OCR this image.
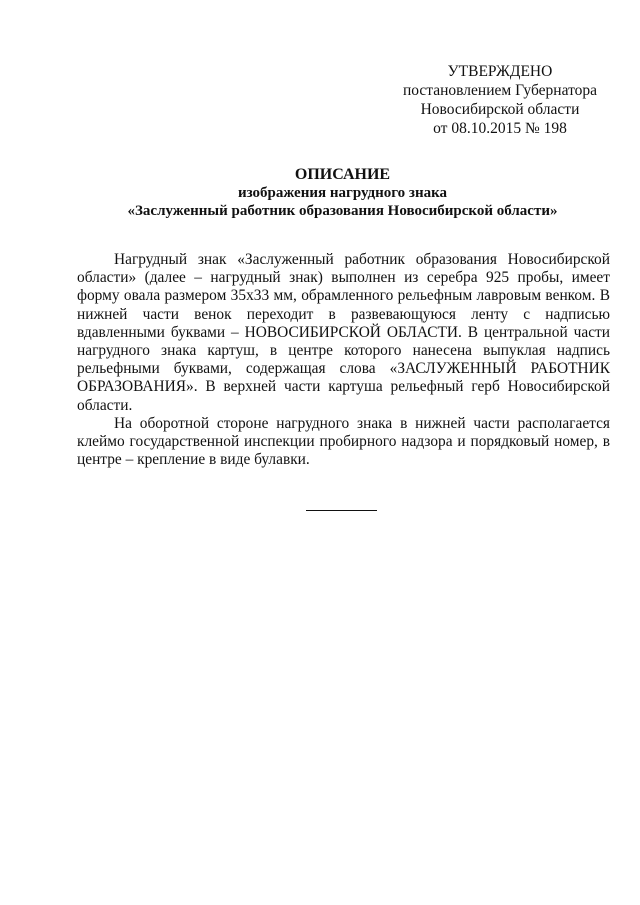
УТВЕРЖДЕНО
постановлением Губернатора
Новосибирской области
от 08.10.2015 № 198
ОПИСАНИЕ
изображения нагрудного знака
«Заслуженный работник образования Новосибирской области»

Нагрудный знак «Заслуженный работник образования Новосибирской области» (далее – нагрудный знак) выполнен из серебра 925 пробы, имеет форму овала размером 35х33 мм, обрамленного рельефным лавровым венком. В нижней части венок переходит в развевающуюся ленту с надписью вдавленными буквами – НОВОСИБИРСКОЙ ОБЛАСТИ. В центральной части нагрудного знака картуш, в центре которого нанесена выпуклая надпись рельефными буквами, содержащая слова «ЗАСЛУЖЕННЫЙ РАБОТНИК ОБРАЗОВАНИЯ». В верхней части картуша рельефный герб Новосибирской области.

На оборотной стороне нагрудного знака в нижней части располагается клеймо государственной инспекции пробирного надзора и порядковый номер, в центре – крепление в виде булавки.
